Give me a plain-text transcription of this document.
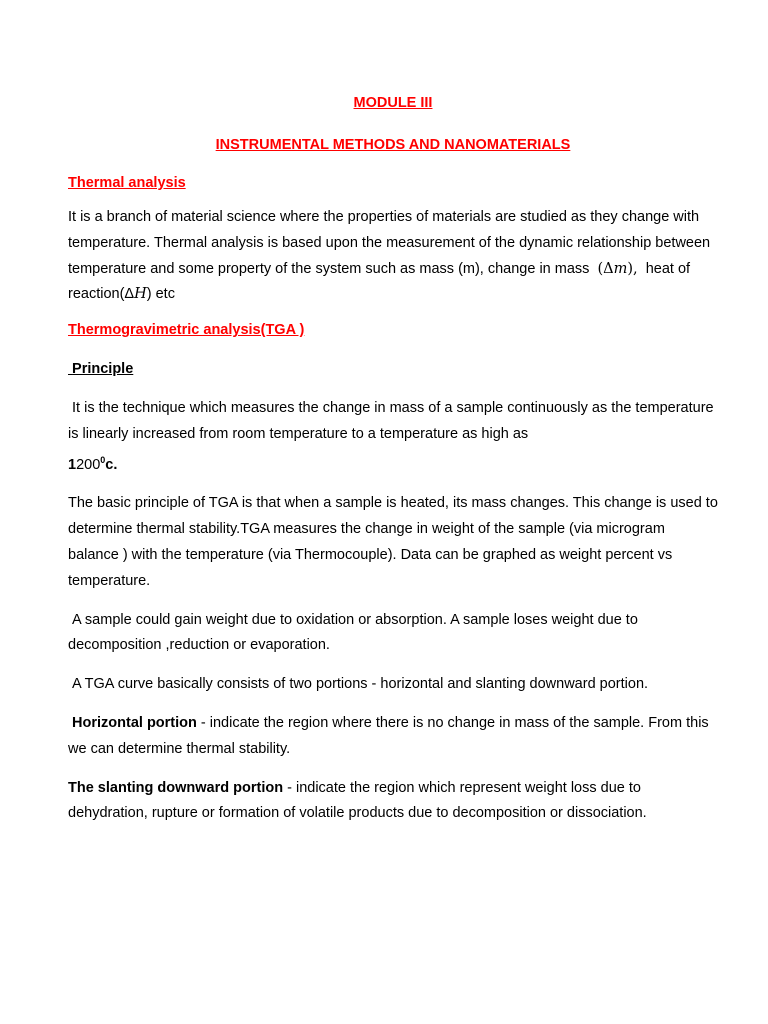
MODULE III
INSTRUMENTAL METHODS AND NANOMATERIALS
Thermal analysis

It is a branch of material science where the properties of materials are studied as they change with temperature. Thermal analysis is based upon the measurement of the dynamic relationship between temperature and some property of the system such as mass (m), change in mass (Δm), heat of reaction(ΔH) etc

Thermogravimetric analysis(TGA )
Principle

It is the technique which measures the change in mass of a sample continuously as the temperature is linearly increased from room temperature to a temperature as high as
1200$^0$c.

The basic principle of TGA is that when a sample is heated, its mass changes. This change is used to determine thermal stability.TGA measures the change in weight of the sample (via microgram balance ) with the temperature (via Thermocouple). Data can be graphed as weight percent vs temperature.

A sample could gain weight due to oxidation or absorption. A sample loses weight due to decomposition ,reduction or evaporation.

A TGA curve basically consists of two portions - horizontal and slanting downward portion.

Horizontal portion - indicate the region where there is no change in mass of the sample. From this we can determine thermal stability.

The slanting downward portion - indicate the region which represent weight loss due to dehydration, rupture or formation of volatile products due to decomposition or dissociation.
